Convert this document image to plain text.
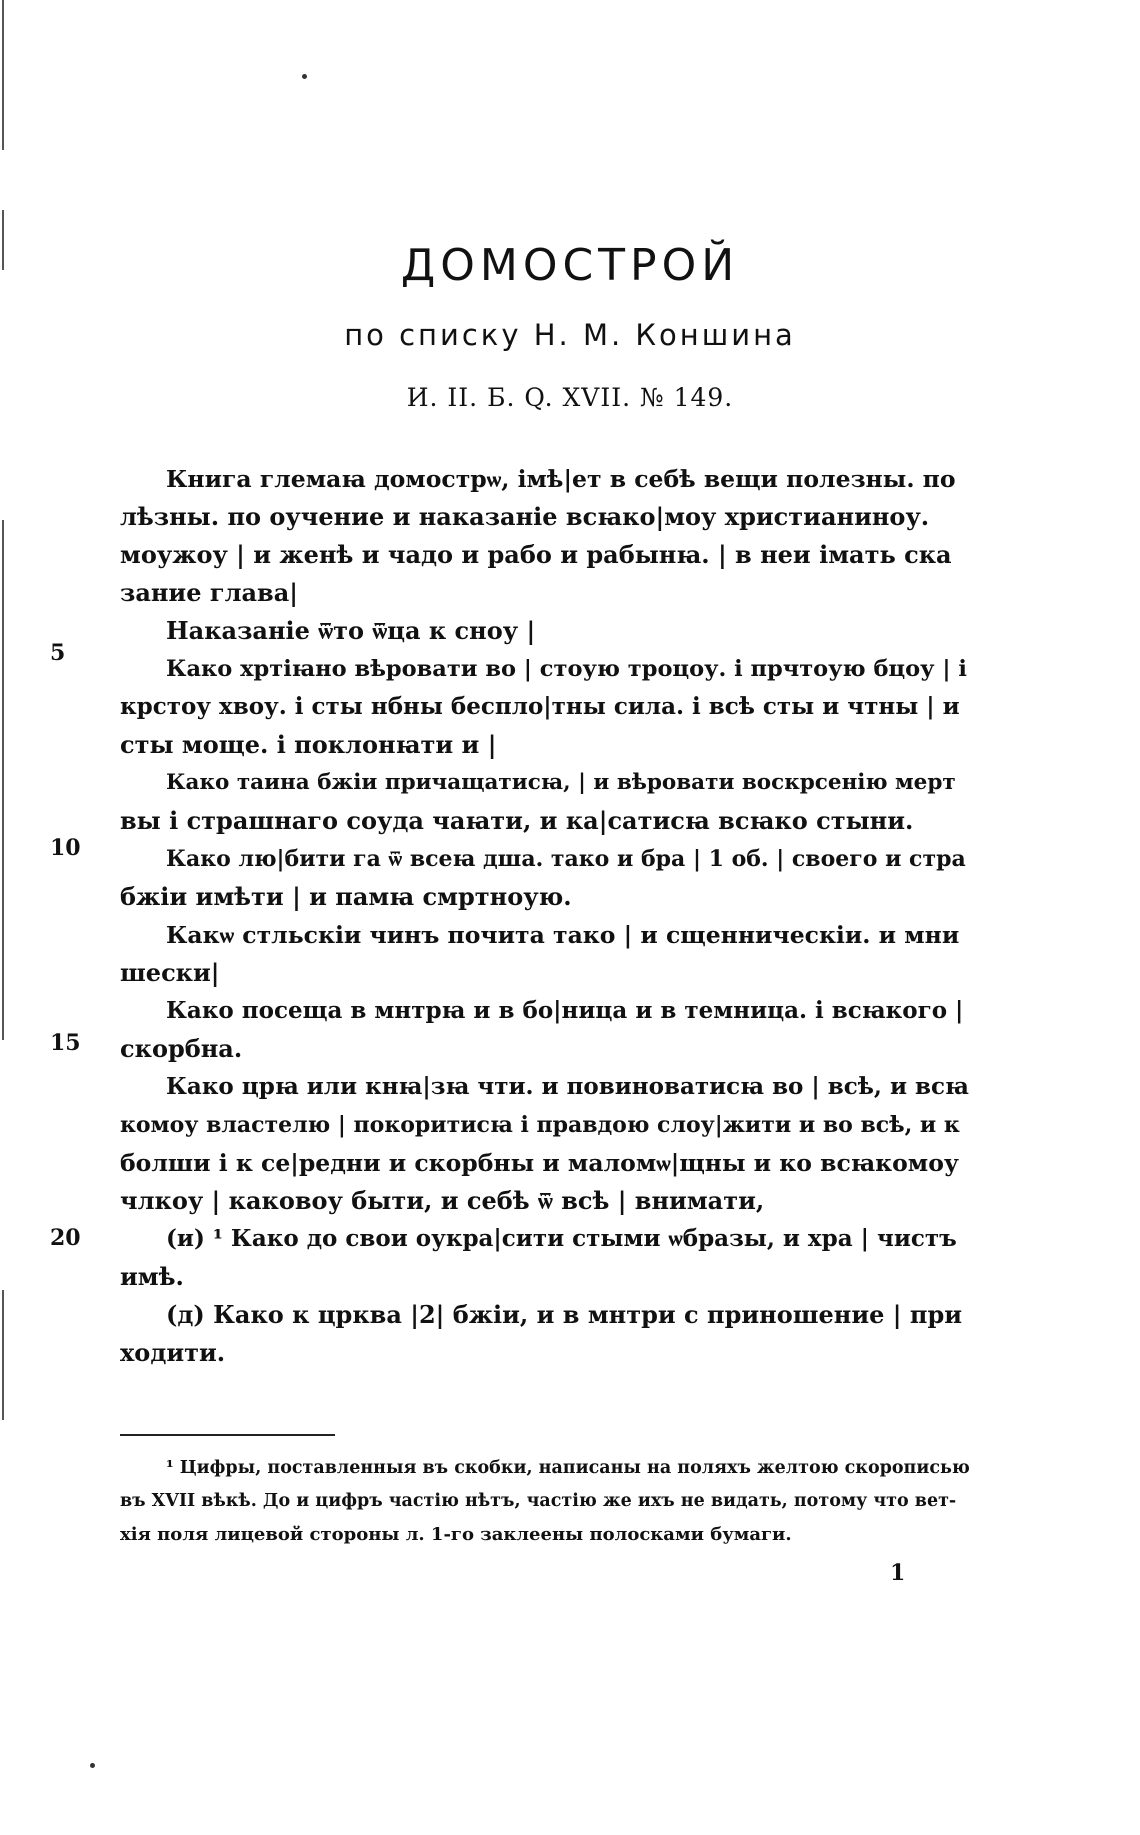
ДОМОСТРОЙ

по списку Н. М. Коншина

И. II. Б. Q. XVII. № 149.

5
10
15
20
Книга глемаꙗ домострѡ, імѣ|ет в себѣ вещи полезны. по
лѣзны. по оучение и наказаніе всꙗко|моу христианиноу.
моужоу | и женѣ и чадо и рабо и рабынꙗ. | в неи імать ска
зание глава|
Наказаніе ѿто ѿца к сноу |
Како хртіꙗно вѣровати во | стоую троцоу. і прчтоую бцоу | і
крстоу хвоу. і сты нбны беспло|тны сила. і всѣ сты и чтны | и
сты моще. і поклонꙗти и |
Како таина бжіи причащатисꙗ, | и вѣровати воскрсенію мерт
вы і страшнаго соуда чаꙗти, и ка|сатисꙗ всꙗко стыни.
Како лю|бити га ѿ всеꙗ дша. тако и бра | 1 об. | своего и стра
бжіи имѣти | и памꙗ смртноую.
Какѡ стльскіи чинъ почита тако | и сщенническіи. и мни
шески|
Како посеща в мнтрꙗ и в бо|ница и в темница. і всꙗкого |
скорбна.
Како црꙗ или кнꙗ|зꙗ чти. и повиноватисꙗ во | всѣ, и всꙗ
комоу властелю | покоритисꙗ і правдою слоу|жити и во всѣ, и к
болши і к се|редни и скорбны и маломѡ|щны и ко всꙗкомоу
члкоу | каковоу быти, и себѣ ѿ всѣ | внимати,
(и) ¹ Како до свои оукра|сити стыми ѡбразы, и хра | чистъ
имѣ.
(д) Како к црква |2| бжіи, и в мнтри с приношение | при
ходити.
¹ Цифры, поставленныя въ скобки, написаны на поляхъ желтою скорописью
въ XVII вѣкѣ. До и цифръ частію нѣтъ, частію же ихъ не видать, потому что вет-
хія поля лицевой стороны л. 1-го заклеены полосками бумаги.
1
